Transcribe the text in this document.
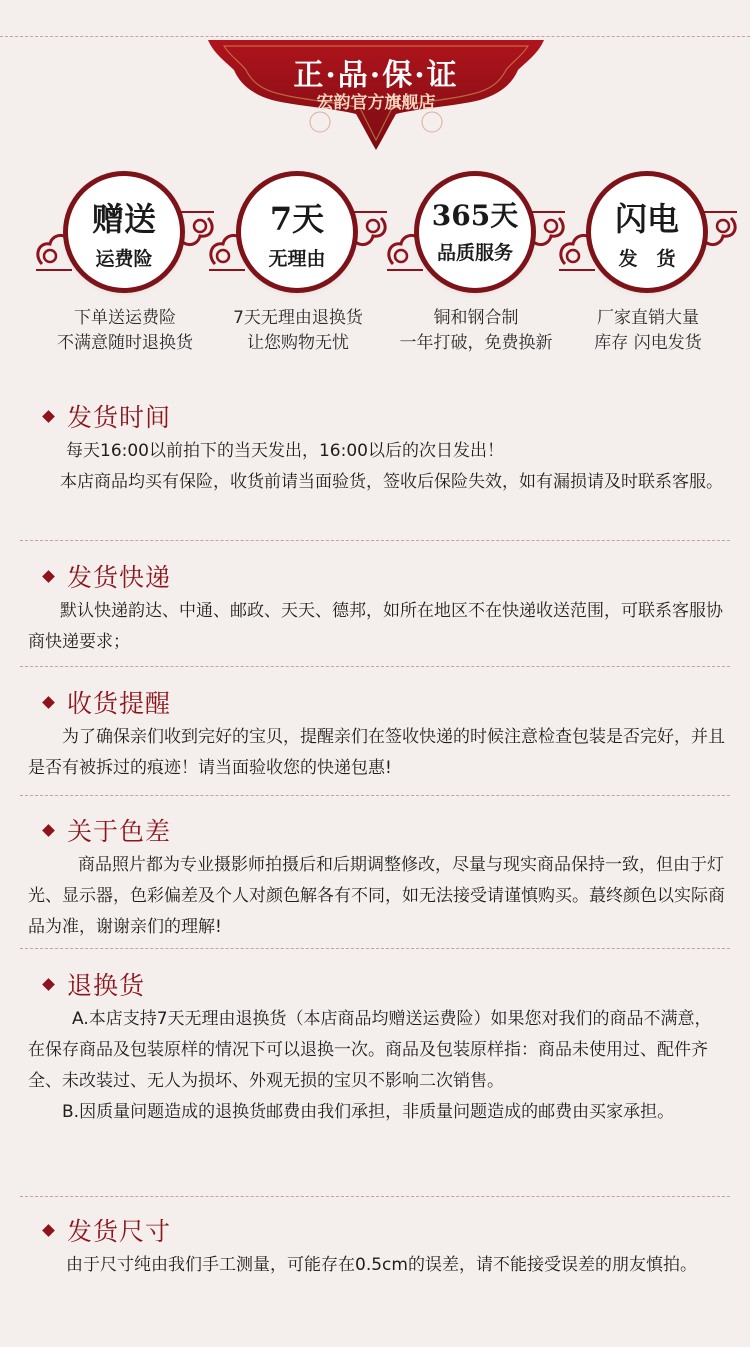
正·品·保·证
宏韵官方旗舰店
赠送
运费险
下单送运费险
不满意随时退换货
7天
无理由
7天无理由退换货
让您购物无忧
365天
品质服务
铜和钢合制
一年打破，免费换新
闪电
发　货
厂家直销大量
库存 闪电发货
发货时间

每天16:00以前拍下的当天发出，16:00以后的次日发出！

本店商品均买有保险，收货前请当面验货，签收后保险失效，如有漏损请及时联系客服。

发货快递

默认快递韵达、中通、邮政、天天、德邦，如所在地区不在快递收送范围，可联系客服协商快递要求；

收货提醒

为了确保亲们收到完好的宝贝，提醒亲们在签收快递的时候注意检查包装是否完好，并且是否有被拆过的痕迹！请当面验收您的快递包惠!

关于色差

商品照片都为专业摄影师拍摄后和后期调整修改，尽量与现实商品保持一致，但由于灯光、显示器，色彩偏差及个人对颜色解各有不同，如无法接受请谨慎购买。蕞终颜色以实际商品为准，谢谢亲们的理解!

退换货

A.本店支持7天无理由退换货（本店商品均赠送运费险）如果您对我们的商品不满意，在保存商品及包装原样的情况下可以退换一次。商品及包装原样指：商品未使用过、配件齐全、未改装过、无人为损坏、外观无损的宝贝不影响二次销售。

B.因质量问题造成的退换货邮费由我们承担，非质量问题造成的邮费由买家承担。

发货尺寸

由于尺寸纯由我们手工测量，可能存在0.5cm的误差，请不能接受误差的朋友慎拍。
